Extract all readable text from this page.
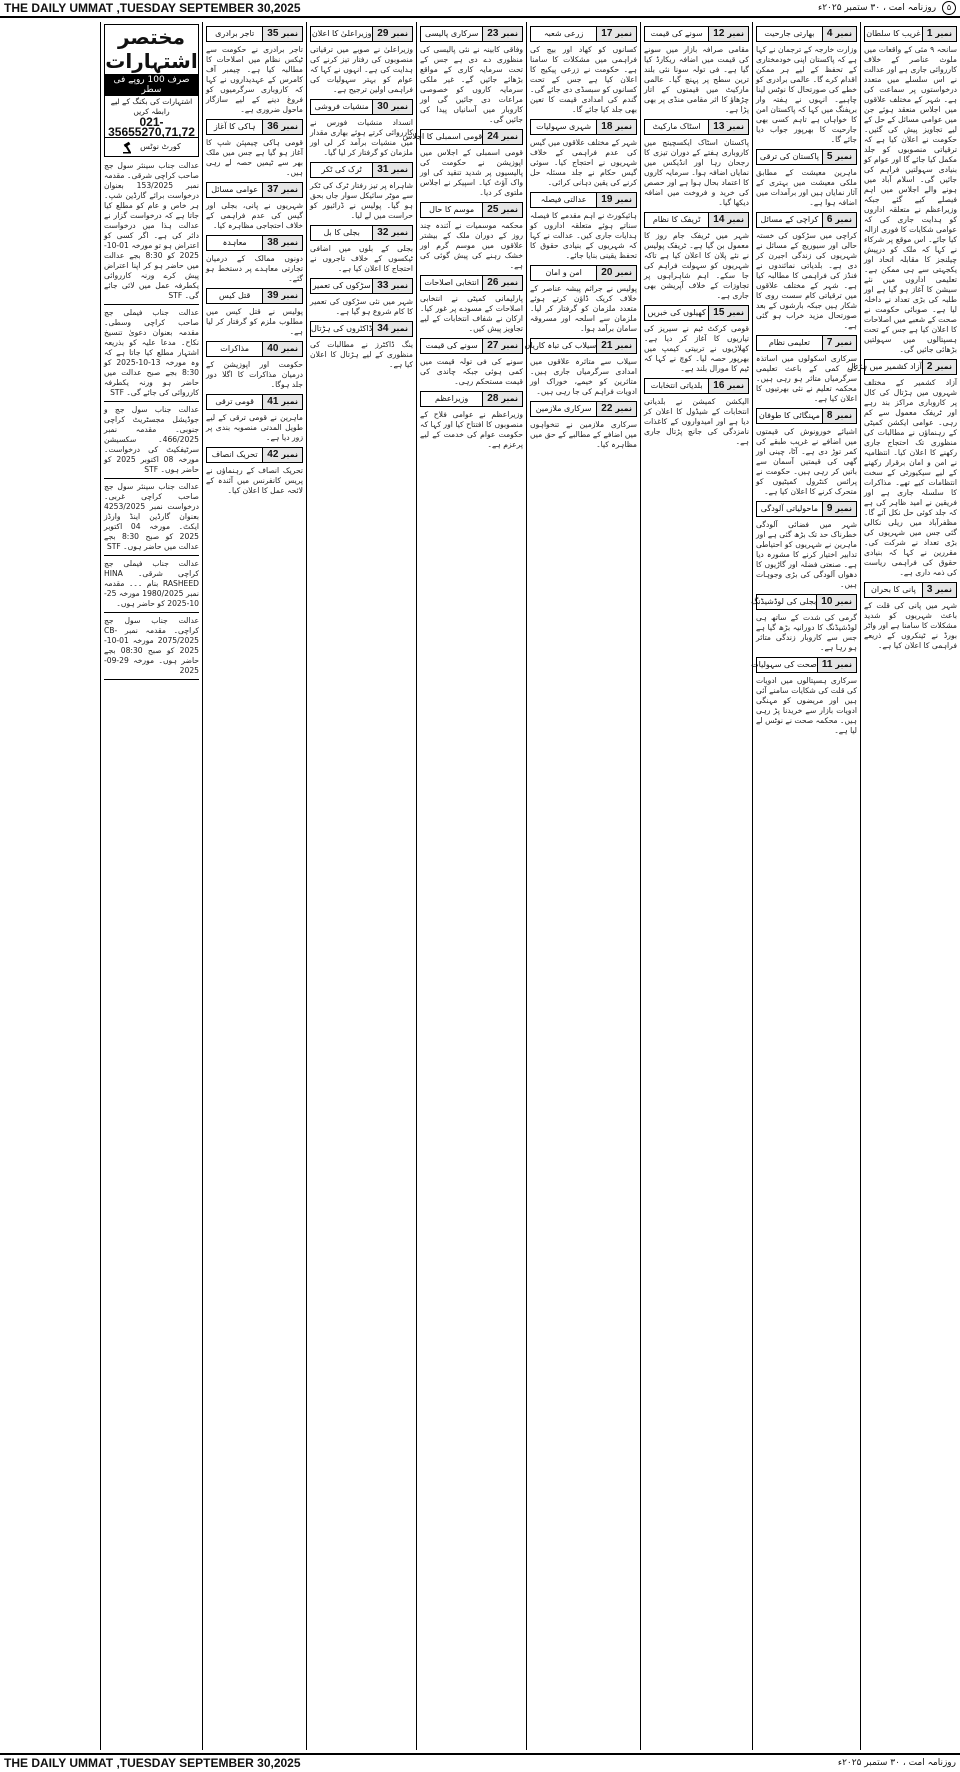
THE DAILY UMMAT ,TUESDAY SEPTEMBER 30,2025	۵ روزنامہ امت ، ۳۰ ستمبر ۲۰۲۵ء
نمبر
1
غریب کا سلطان
سانحہ ۹ مئی کے واقعات میں ملوث عناصر کے خلاف کارروائی جاری ہے اور عدالت نے اس سلسلے میں متعدد درخواستوں پر سماعت کی ہے۔ شہر کے مختلف علاقوں میں اجلاس منعقد ہوئے جن میں عوامی مسائل کے حل کے لیے تجاویز پیش کی گئیں۔ حکومت نے اعلان کیا ہے کہ ترقیاتی منصوبوں کو جلد مکمل کیا جائے گا اور عوام کو بنیادی سہولتیں فراہم کی جائیں گی۔ اسلام آباد میں ہونے والے اجلاس میں اہم فیصلے کیے گئے جبکہ وزیراعظم نے متعلقہ اداروں کو ہدایت جاری کی کہ عوامی شکایات کا فوری ازالہ کیا جائے۔ اس موقع پر شرکاء نے کہا کہ ملک کو درپیش چیلنجز کا مقابلہ اتحاد اور یکجہتی سے ہی ممکن ہے۔ تعلیمی اداروں میں نئے سیشن کا آغاز ہو گیا ہے اور طلبہ کی بڑی تعداد نے داخلہ لیا ہے۔ صوبائی حکومت نے صحت کے شعبے میں اصلاحات کا اعلان کیا ہے جس کے تحت ہسپتالوں میں سہولتیں بڑھائی جائیں گی۔
نمبر
2
آزاد کشمیر میں ہڑتال
آزاد کشمیر کے مختلف شہروں میں ہڑتال کی کال پر کاروباری مراکز بند رہے اور ٹریفک معمول سے کم رہی۔ عوامی ایکشن کمیٹی کے رہنماؤں نے مطالبات کی منظوری تک احتجاج جاری رکھنے کا اعلان کیا۔ انتظامیہ نے امن و امان برقرار رکھنے کے لیے سیکیورٹی کے سخت انتظامات کیے تھے۔ مذاکرات کا سلسلہ جاری ہے اور فریقین نے امید ظاہر کی ہے کہ جلد کوئی حل نکل آئے گا۔ مظفرآباد میں ریلی نکالی گئی جس میں شہریوں کی بڑی تعداد نے شرکت کی۔ مقررین نے کہا کہ بنیادی حقوق کی فراہمی ریاست کی ذمہ داری ہے۔
نمبر
3
پانی کا بحران
شہر میں پانی کی قلت کے باعث شہریوں کو شدید مشکلات کا سامنا ہے اور واٹر بورڈ نے ٹینکروں کے ذریعے فراہمی کا اعلان کیا ہے۔
نمبر
4
بھارتی جارحیت
وزارت خارجہ کے ترجمان نے کہا ہے کہ پاکستان اپنی خودمختاری کے تحفظ کے لیے ہر ممکن اقدام کرے گا۔ عالمی برادری کو خطے کی صورتحال کا نوٹس لینا چاہیے۔ انہوں نے ہفتہ وار بریفنگ میں کہا کہ پاکستان امن کا خواہاں ہے تاہم کسی بھی جارحیت کا بھرپور جواب دیا جائے گا۔
نمبر
5
پاکستان کی ترقی
ماہرین معیشت کے مطابق ملکی معیشت میں بہتری کے آثار نمایاں ہیں اور برآمدات میں اضافہ ہوا ہے۔
نمبر
6
کراچی کے مسائل
کراچی میں سڑکوں کی خستہ حالی اور سیوریج کے مسائل نے شہریوں کی زندگی اجیرن کر دی ہے۔ بلدیاتی نمائندوں نے فنڈز کی فراہمی کا مطالبہ کیا ہے۔ شہر کے مختلف علاقوں میں ترقیاتی کام سست روی کا شکار ہیں جبکہ بارشوں کے بعد صورتحال مزید خراب ہو گئی ہے۔
نمبر
7
تعلیمی نظام
سرکاری اسکولوں میں اساتذہ کی کمی کے باعث تعلیمی سرگرمیاں متاثر ہو رہی ہیں۔ محکمہ تعلیم نے نئی بھرتیوں کا اعلان کیا ہے۔
نمبر
8
مہنگائی کا طوفان
اشیائے خورونوش کی قیمتوں میں اضافے نے غریب طبقے کی کمر توڑ دی ہے۔ آٹا، چینی اور گھی کی قیمتیں آسمان سے باتیں کر رہی ہیں۔ حکومت نے پرائس کنٹرول کمیٹیوں کو متحرک کرنے کا اعلان کیا ہے۔
نمبر
9
ماحولیاتی آلودگی
شہر میں فضائی آلودگی خطرناک حد تک بڑھ گئی ہے اور ماہرین نے شہریوں کو احتیاطی تدابیر اختیار کرنے کا مشورہ دیا ہے۔ صنعتی فضلہ اور گاڑیوں کا دھواں آلودگی کی بڑی وجوہات ہیں۔
نمبر
10
بجلی کی لوڈشیڈنگ
گرمی کی شدت کے ساتھ ہی لوڈشیڈنگ کا دورانیہ بڑھ گیا ہے جس سے کاروبار زندگی متاثر ہو رہا ہے۔
نمبر
11
صحت کی سہولیات
سرکاری ہسپتالوں میں ادویات کی قلت کی شکایات سامنے آئی ہیں اور مریضوں کو مہنگی ادویات بازار سے خریدنا پڑ رہی ہیں۔ محکمہ صحت نے نوٹس لے لیا ہے۔
نمبر
12
سونے کی قیمت
مقامی صرافہ بازار میں سونے کی قیمت میں اضافہ ریکارڈ کیا گیا ہے۔ فی تولہ سونا نئی بلند ترین سطح پر پہنچ گیا۔ عالمی مارکیٹ میں قیمتوں کے اتار چڑھاؤ کا اثر مقامی منڈی پر بھی پڑا ہے۔
نمبر
13
اسٹاک مارکیٹ
پاکستان اسٹاک ایکسچینج میں کاروباری ہفتے کے دوران تیزی کا رجحان رہا اور انڈیکس میں نمایاں اضافہ ہوا۔ سرمایہ کاروں کا اعتماد بحال ہوا ہے اور حصص کی خرید و فروخت میں اضافہ دیکھا گیا۔
نمبر
14
ٹریفک کا نظام
شہر میں ٹریفک جام روز کا معمول بن گیا ہے۔ ٹریفک پولیس نے نئے پلان کا اعلان کیا ہے تاکہ شہریوں کو سہولت فراہم کی جا سکے۔ اہم شاہراہوں پر تجاوزات کے خلاف آپریشن بھی جاری ہے۔
نمبر
15
کھیلوں کی خبریں
قومی کرکٹ ٹیم نے سیریز کی تیاریوں کا آغاز کر دیا ہے۔ کھلاڑیوں نے تربیتی کیمپ میں بھرپور حصہ لیا۔ کوچ نے کہا کہ ٹیم کا مورال بلند ہے۔
نمبر
16
بلدیاتی انتخابات
الیکشن کمیشن نے بلدیاتی انتخابات کے شیڈول کا اعلان کر دیا ہے اور امیدواروں کے کاغذات نامزدگی کی جانچ پڑتال جاری ہے۔
نمبر
17
زرعی شعبہ
کسانوں کو کھاد اور بیج کی فراہمی میں مشکلات کا سامنا ہے۔ حکومت نے زرعی پیکیج کا اعلان کیا ہے جس کے تحت کسانوں کو سبسڈی دی جائے گی۔ گندم کی امدادی قیمت کا تعین بھی جلد کیا جائے گا۔
نمبر
18
شہری سہولیات
شہر کے مختلف علاقوں میں گیس کی عدم فراہمی کے خلاف شہریوں نے احتجاج کیا۔ سوئی گیس حکام نے جلد مسئلہ حل کرنے کی یقین دہانی کرائی۔
نمبر
19
عدالتی فیصلہ
ہائیکورٹ نے اہم مقدمے کا فیصلہ سناتے ہوئے متعلقہ اداروں کو ہدایات جاری کیں۔ عدالت نے کہا کہ شہریوں کے بنیادی حقوق کا تحفظ یقینی بنایا جائے۔
نمبر
20
امن و امان
پولیس نے جرائم پیشہ عناصر کے خلاف کریک ڈاؤن کرتے ہوئے متعدد ملزمان کو گرفتار کر لیا۔ ملزمان سے اسلحہ اور مسروقہ سامان برآمد ہوا۔
نمبر
21
سیلاب کی تباہ کاریاں
سیلاب سے متاثرہ علاقوں میں امدادی سرگرمیاں جاری ہیں۔ متاثرین کو خیمے، خوراک اور ادویات فراہم کی جا رہی ہیں۔
نمبر
22
سرکاری ملازمین
سرکاری ملازمین نے تنخواہوں میں اضافے کے مطالبے کے حق میں مظاہرہ کیا۔
نمبر
23
سرکاری پالیسی
وفاقی کابینہ نے نئی پالیسی کی منظوری دے دی ہے جس کے تحت سرمایہ کاری کے مواقع بڑھائے جائیں گے۔ غیر ملکی سرمایہ کاروں کو خصوصی مراعات دی جائیں گی اور کاروبار میں آسانیاں پیدا کی جائیں گی۔
نمبر
24
قومی اسمبلی کا اجلاس
قومی اسمبلی کے اجلاس میں اپوزیشن نے حکومت کی پالیسیوں پر شدید تنقید کی اور واک آؤٹ کیا۔ اسپیکر نے اجلاس ملتوی کر دیا۔
نمبر
25
موسم کا حال
محکمہ موسمیات نے آئندہ چند روز کے دوران ملک کے بیشتر علاقوں میں موسم گرم اور خشک رہنے کی پیش گوئی کی ہے۔
نمبر
26
انتخابی اصلاحات
پارلیمانی کمیٹی نے انتخابی اصلاحات کے مسودے پر غور کیا۔ ارکان نے شفاف انتخابات کے لیے تجاویز پیش کیں۔
نمبر
27
سونے کی قیمت
سونے کی فی تولہ قیمت میں کمی ہوئی جبکہ چاندی کی قیمت مستحکم رہی۔
نمبر
28
وزیراعظم
وزیراعظم نے عوامی فلاح کے منصوبوں کا افتتاح کیا اور کہا کہ حکومت عوام کی خدمت کے لیے پرعزم ہے۔
نمبر
29
وزیراعلیٰ کا اعلان
وزیراعلیٰ نے صوبے میں ترقیاتی منصوبوں کی رفتار تیز کرنے کی ہدایت کی ہے۔ انہوں نے کہا کہ عوام کو بہتر سہولیات کی فراہمی اولین ترجیح ہے۔
نمبر
30
منشیات فروشی
انسداد منشیات فورس نے کارروائی کرتے ہوئے بھاری مقدار میں منشیات برآمد کر لی اور ملزمان کو گرفتار کر لیا گیا۔
نمبر
31
ٹرک کی ٹکر
شاہراہ پر تیز رفتار ٹرک کی ٹکر سے موٹر سائیکل سوار جاں بحق ہو گیا۔ پولیس نے ڈرائیور کو حراست میں لے لیا۔
نمبر
32
بجلی کا بل
بجلی کے بلوں میں اضافی ٹیکسوں کے خلاف تاجروں نے احتجاج کا اعلان کیا ہے۔
نمبر
33
سڑکوں کی تعمیر
شہر میں نئی سڑکوں کی تعمیر کا کام شروع ہو گیا ہے۔
نمبر
34
ڈاکٹروں کی ہڑتال
ینگ ڈاکٹرز نے مطالبات کی منظوری کے لیے ہڑتال کا اعلان کیا ہے۔
نمبر
35
تاجر برادری
تاجر برادری نے حکومت سے ٹیکس نظام میں اصلاحات کا مطالبہ کیا ہے۔ چیمبر آف کامرس کے عہدیداروں نے کہا کہ کاروباری سرگرمیوں کو فروغ دینے کے لیے سازگار ماحول ضروری ہے۔
نمبر
36
ہاکی کا آغاز
قومی ہاکی چیمپئن شپ کا آغاز ہو گیا ہے جس میں ملک بھر سے ٹیمیں حصہ لے رہی ہیں۔
نمبر
37
عوامی مسائل
شہریوں نے پانی، بجلی اور گیس کی عدم فراہمی کے خلاف احتجاجی مظاہرہ کیا۔
نمبر
38
معاہدہ
دونوں ممالک کے درمیان تجارتی معاہدے پر دستخط ہو گئے۔
نمبر
39
قتل کیس
پولیس نے قتل کیس میں مطلوب ملزم کو گرفتار کر لیا ہے۔
نمبر
40
مذاکرات
حکومت اور اپوزیشن کے درمیان مذاکرات کا اگلا دور جلد ہوگا۔
نمبر
41
قومی ترقی
ماہرین نے قومی ترقی کے لیے طویل المدتی منصوبہ بندی پر زور دیا ہے۔
نمبر
42
تحریک انصاف
تحریک انصاف کے رہنماؤں نے پریس کانفرنس میں آئندہ کے لائحہ عمل کا اعلان کیا۔
مختصر اشتہارات
صرف 100 روپے فی سطر
اشتہارات کی بکنگ کے لیے رابطہ کریں
021-35655270,71,72
کورٹ نوٹس
عدالت جناب سینئر سول جج صاحب کراچی شرقی۔ مقدمہ نمبر 153/2025 بعنوان درخواست برائے گارڈین شپ۔ ہر خاص و عام کو مطلع کیا جاتا ہے کہ درخواست گزار نے عدالت ہذا میں درخواست دائر کی ہے۔ اگر کسی کو اعتراض ہو تو مورخہ 01-10-2025 کو 8:30 بجے عدالت میں حاضر ہو کر اپنا اعتراض پیش کرے ورنہ کارروائی یکطرفہ عمل میں لائی جائے گی۔ STF
عدالت جناب فیملی جج صاحب کراچی وسطی۔ مقدمہ بعنوان دعویٰ تنسیخ نکاح۔ مدعا علیہ کو بذریعہ اشتہار مطلع کیا جاتا ہے کہ وہ مورخہ 13-10-2025 کو 8:30 بجے صبح عدالت میں حاضر ہو ورنہ یکطرفہ کارروائی کی جائے گی۔ STF
عدالت جناب سول جج و جوڈیشل مجسٹریٹ کراچی جنوبی۔ مقدمہ نمبر 466/2025۔ سکسیشن سرٹیفکیٹ کی درخواست۔ مورخہ 08 اکتوبر 2025 کو حاضر ہوں۔ STF
عدالت جناب سینئر سول جج صاحب کراچی غربی۔ درخواست نمبر 4253/2025 بعنوان گارڈین اینڈ وارڈز ایکٹ۔ مورخہ 04 اکتوبر 2025 کو صبح 8:30 بجے عدالت میں حاضر ہوں۔ STF
عدالت جناب فیملی جج کراچی شرقی۔ HINA RASHEED بنام ۔۔۔ مقدمہ نمبر 1980/2025 مورخہ 25-10-2025 کو حاضر ہوں۔
عدالت جناب سول جج کراچی۔ مقدمہ نمبر CB-2075/2025 مورخہ 01-10-2025 کو صبح 08:30 بجے حاضر ہوں۔ مورخہ 29-09-2025
THE DAILY UMMAT ,TUESDAY SEPTEMBER 30,2025	روزنامہ امت ، ۳۰ ستمبر ۲۰۲۵ء
